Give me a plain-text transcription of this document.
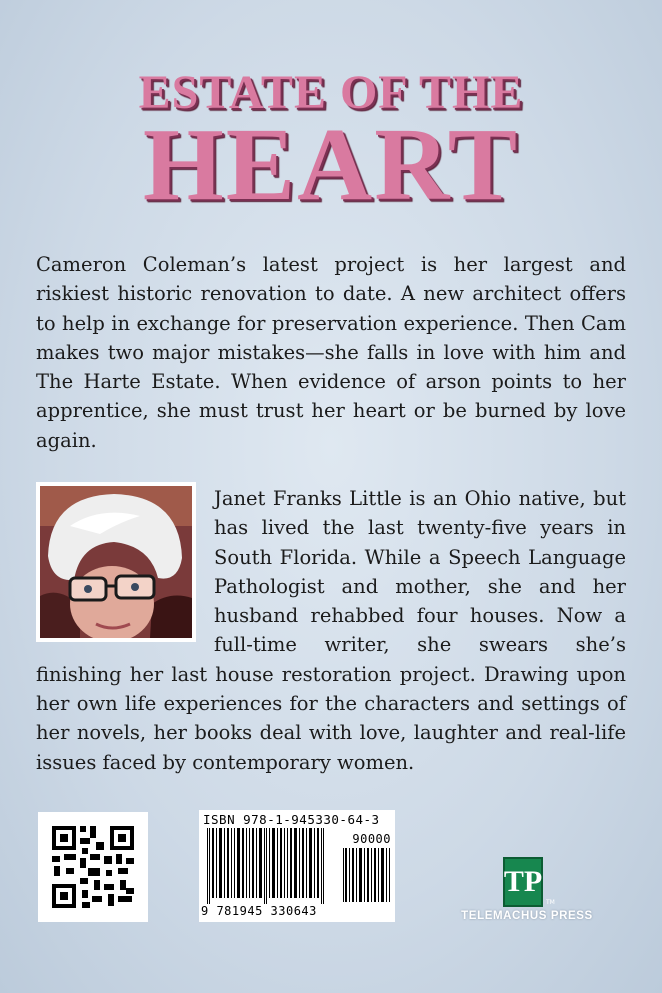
ESTATE OF THE
HEART

Cameron Coleman’s latest project is her largest and riskiest historic renovation to date. A new architect offers to help in exchange for preservation experience. Then Cam makes two major mistakes—she falls in love with him and The Harte Estate. When evidence of arson points to her apprentice, she must trust her heart or be burned by love again.

Janet Franks Little is an Ohio native, but has lived the last twenty-five years in South Florida. While a Speech Language Pathologist and mother, she and her husband rehabbed four houses. Now a full-time writer, she swears she’s finishing her last house restoration project. Drawing upon her own life experiences for the characters and settings of her novels, her books deal with love, laughter and real-life issues faced by contemporary women.

ISBN 978-1-945330-64-3
90000
9 781945 330643
TP
TM
TELEMACHUS PRESS
